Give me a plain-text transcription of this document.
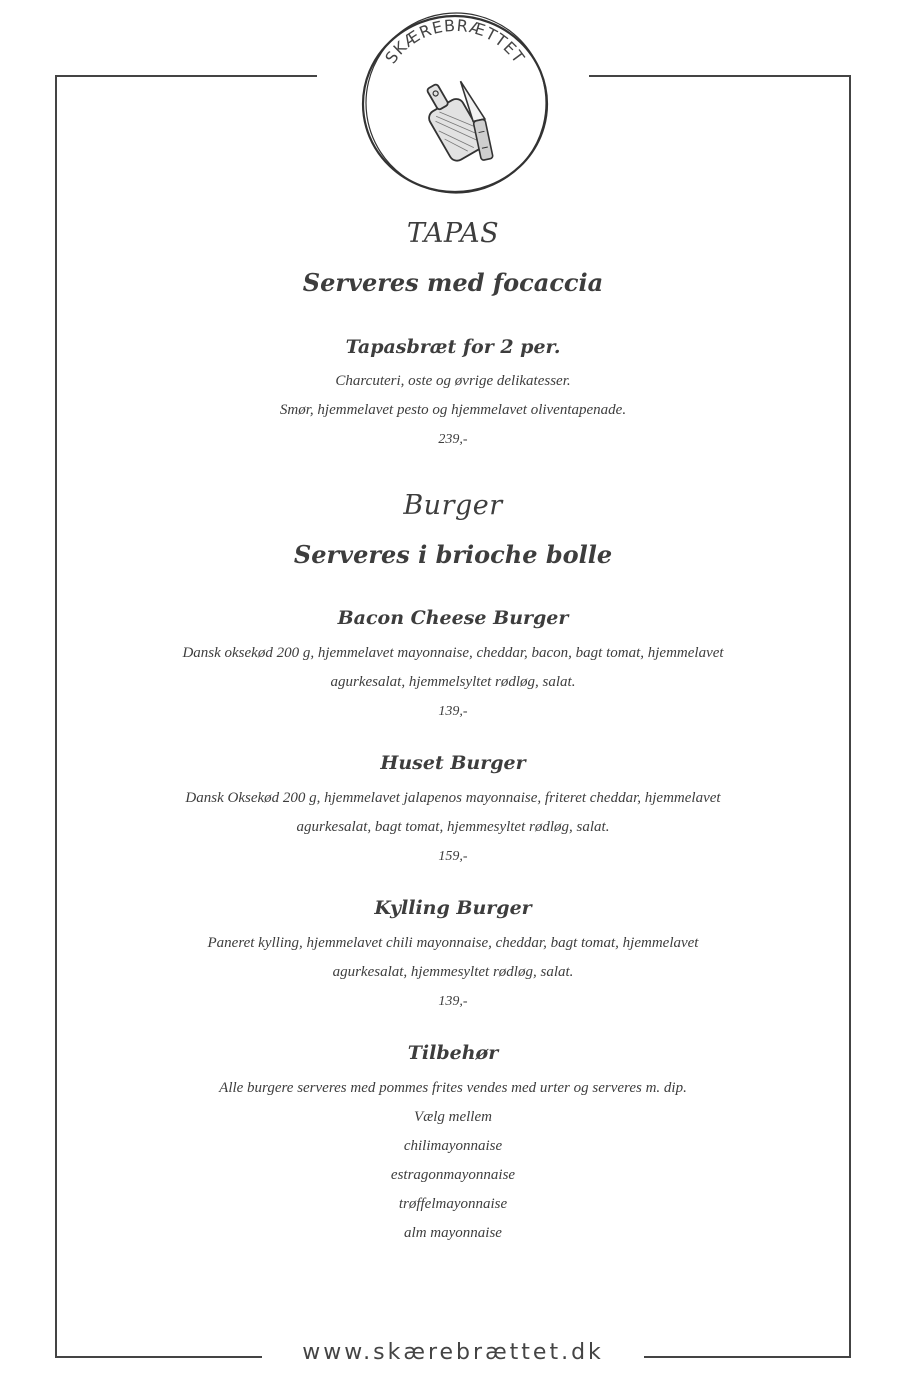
SKÆREBRÆTTET
TAPAS
Serveres med focaccia
Tapasbræt for 2 per.
Charcuteri, oste og øvrige delikatesser.
Smør, hjemmelavet pesto og hjemmelavet oliventapenade.
239,-
Burger
Serveres i brioche bolle
Bacon Cheese Burger
Dansk oksekød 200 g, hjemmelavet mayonnaise, cheddar, bacon, bagt tomat, hjemmelavet
agurkesalat, hjemmelsyltet rødløg, salat.
139,-
Huset Burger
Dansk Oksekød 200 g, hjemmelavet jalapenos mayonnaise, friteret cheddar, hjemmelavet
agurkesalat, bagt tomat, hjemmesyltet rødløg, salat.
159,-
Kylling Burger
Paneret kylling, hjemmelavet chili mayonnaise, cheddar, bagt tomat, hjemmelavet
agurkesalat, hjemmesyltet rødløg, salat.
139,-
Tilbehør
Alle burgere serveres med pommes frites vendes med urter og serveres m. dip.
Vælg mellem
chilimayonnaise
estragonmayonnaise
trøffelmayonnaise
alm mayonnaise
www.skærebrættet.dk
